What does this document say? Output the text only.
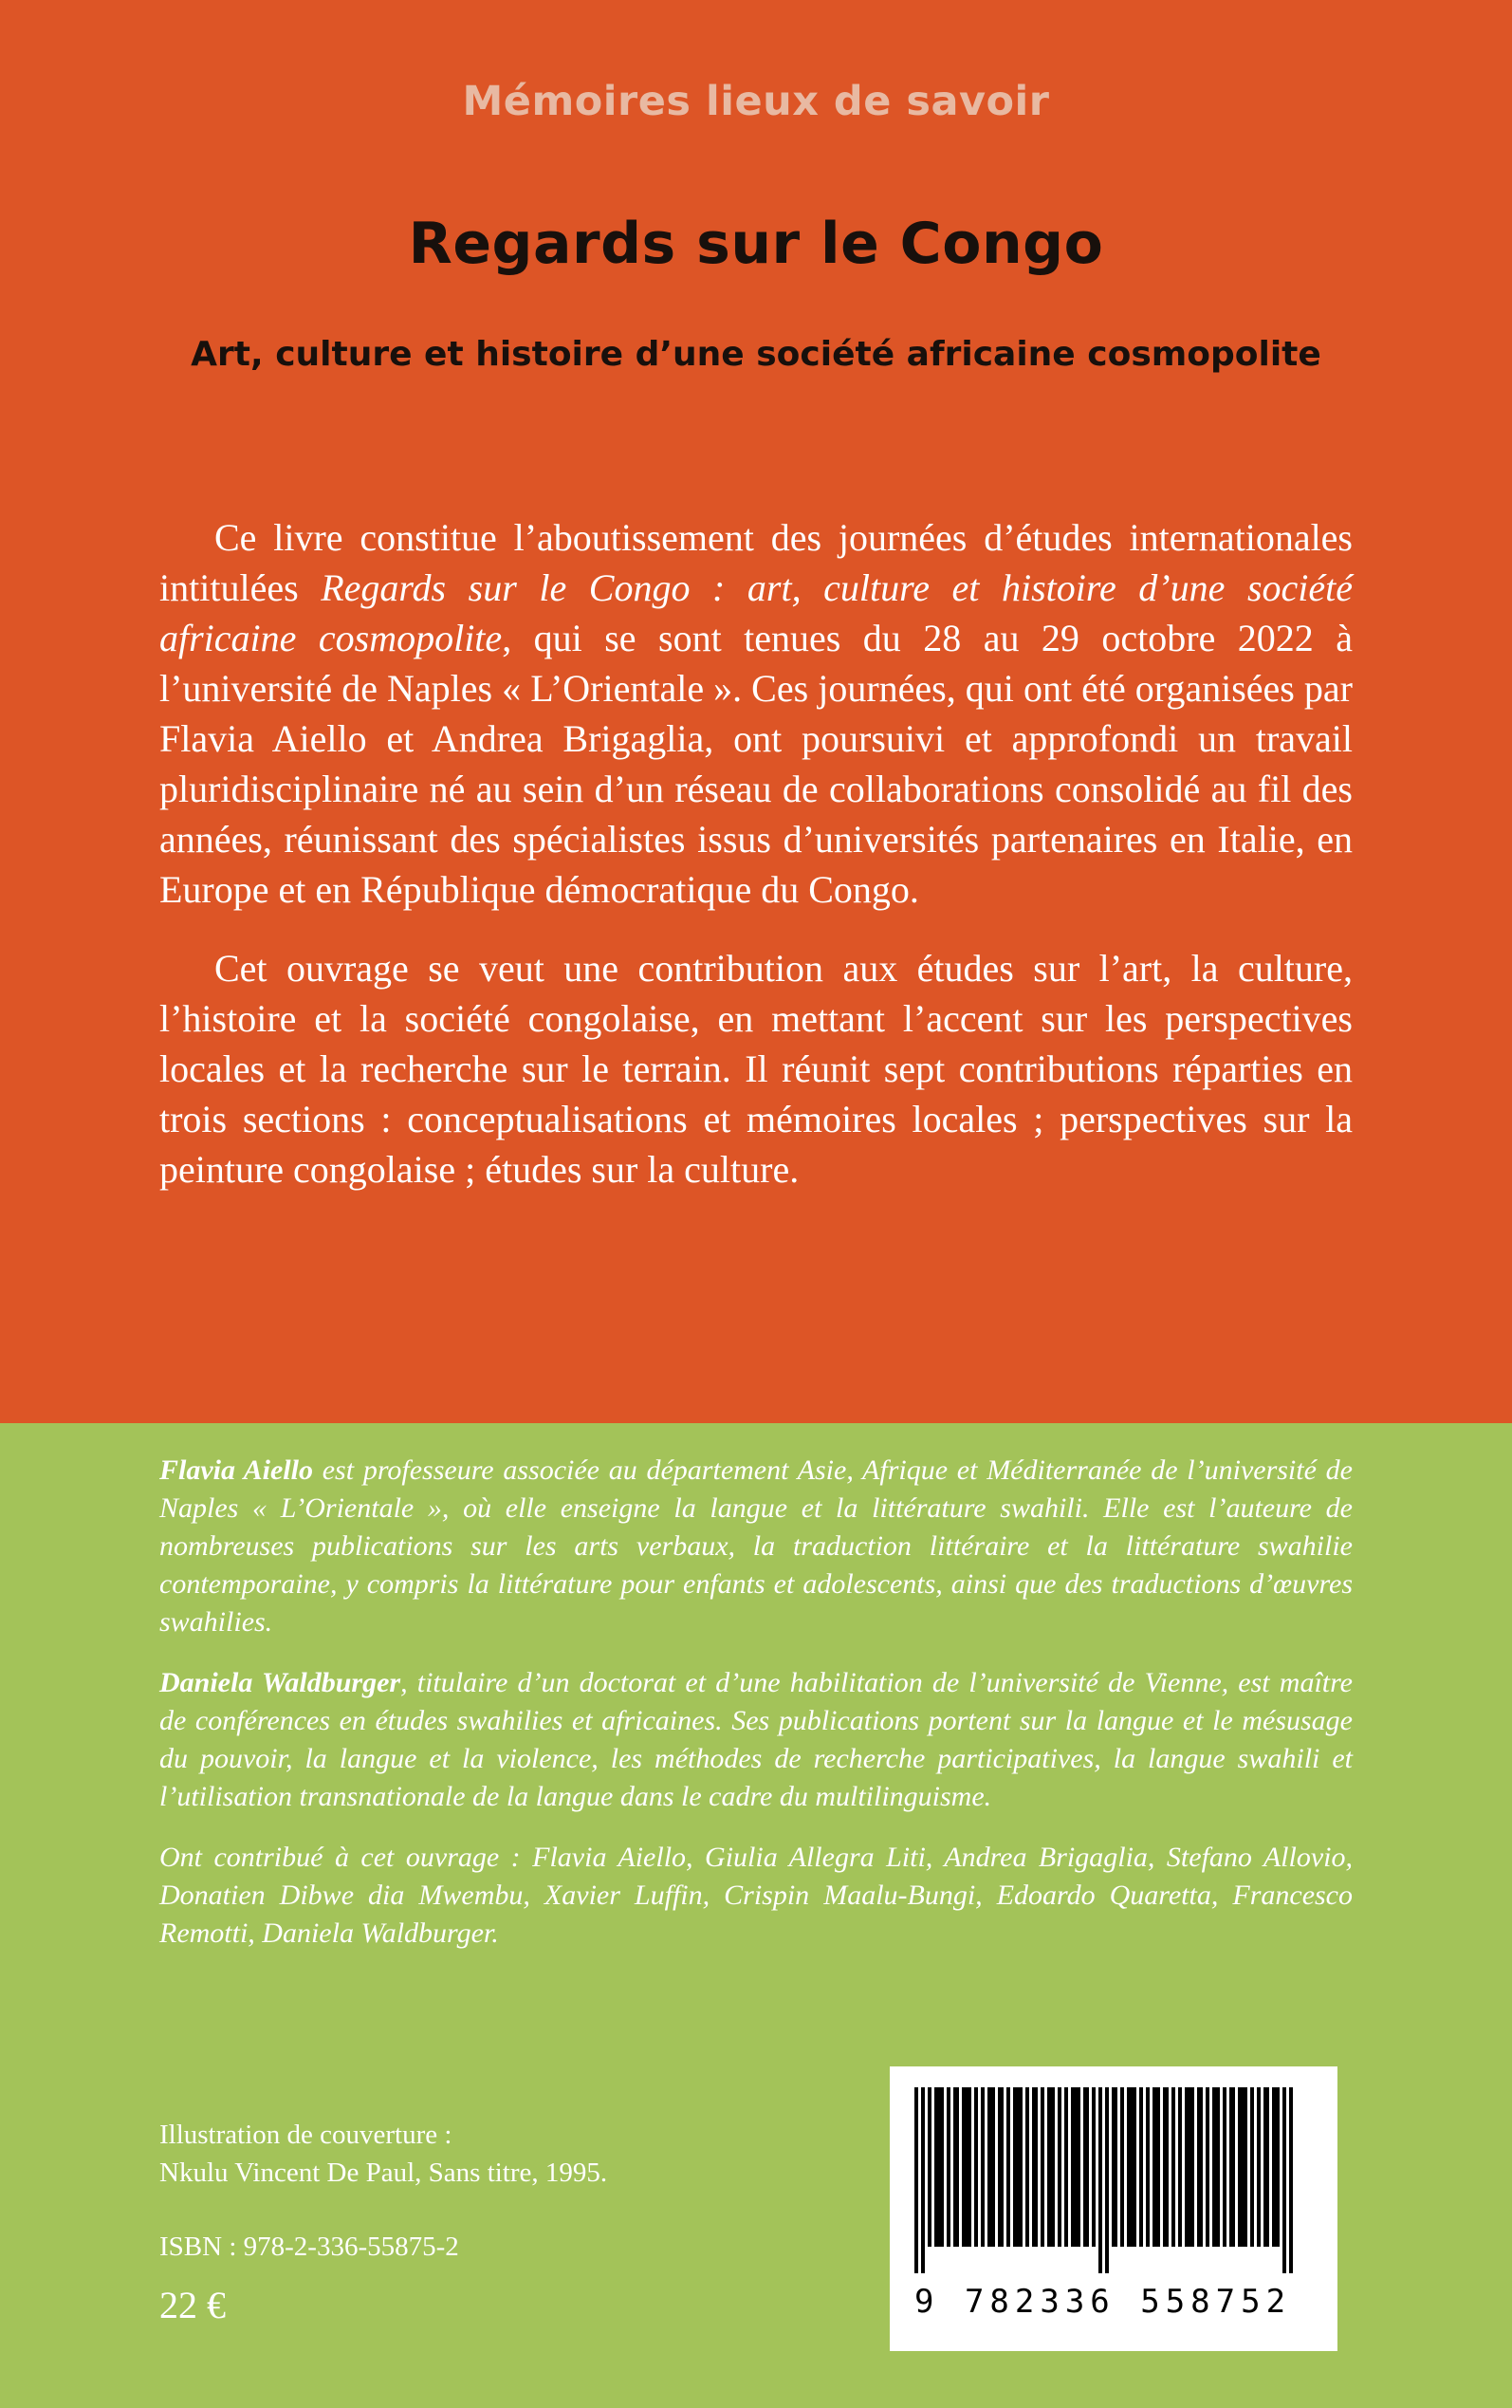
Mémoires lieux de savoir
Regards sur le Congo
Art, culture et histoire d’une société africaine cosmopolite

Ce livre constitue l’aboutissement des journées d’études internationales intitulées Regards sur le Congo : art, culture et histoire d’une société africaine cosmopolite, qui se sont tenues du 28 au 29 octobre 2022 à l’université de Naples « L’Orientale ». Ces journées, qui ont été organisées par Flavia Aiello et Andrea Brigaglia, ont poursuivi et approfondi un travail pluridisciplinaire né au sein d’un réseau de collaborations consolidé au fil des années, réunissant des spécialistes issus d’universités partenaires en Italie, en Europe et en République démocratique du Congo.

Cet ouvrage se veut une contribution aux études sur l’art, la culture, l’histoire et la société congolaise, en mettant l’accent sur les perspectives locales et la recherche sur le terrain. Il réunit sept contributions réparties en trois sections : conceptualisations et mémoires locales ; perspectives sur la peinture congolaise ; études sur la culture.

Flavia Aiello est professeure associée au département Asie, Afrique et Méditerranée de l’université de Naples « L’Orientale », où elle enseigne la langue et la littérature swahili. Elle est l’auteure de nombreuses publications sur les arts verbaux, la traduction littéraire et la littérature swahilie contemporaine, y compris la littérature pour enfants et adolescents, ainsi que des traductions d’œuvres swahilies.

Daniela Waldburger, titulaire d’un doctorat et d’une habilitation de l’université de Vienne, est maître de conférences en études swahilies et africaines. Ses publications portent sur la langue et le mésusage du pouvoir, la langue et la violence, les méthodes de recherche participatives, la langue swahili et l’utilisation transnationale de la langue dans le cadre du multilinguisme.

Ont contribué à cet ouvrage : Flavia Aiello, Giulia Allegra Liti, Andrea Brigaglia, Stefano Allovio, Donatien Dibwe dia Mwembu, Xavier Luffin, Crispin Maalu-Bungi, Edoardo Quaretta, Francesco Remotti, Daniela Waldburger.

Illustration de couverture :

Nkulu Vincent De Paul, Sans titre, 1995.

ISBN : 978-2-336-55875-2

22 €	9 782336 558752
